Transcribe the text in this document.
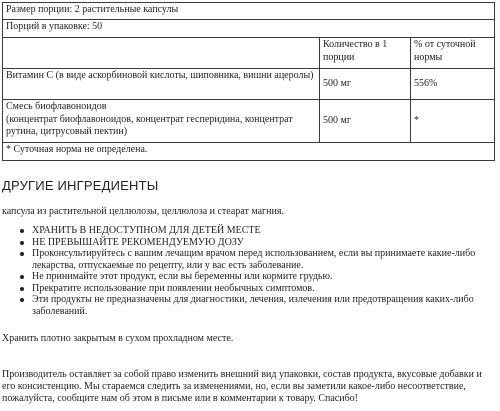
Размер порции: 2 растительные капсулы		
Порций в упаковке: 50		
	Количество в 1 порции	% от суточной нормы
Витамин С (в виде аскорбиновой кислоты, шиповника, вишни ацеролы)	500 мг	556%

Смесь биофлавоноидов
(концентрат биофлавоноидов, концентрат гесперидина, концентрат рутина, цитрусовый пектин)	500 мг	*
* Суточная норма не определена.		
ДРУГИЕ ИНГРЕДИЕНТЫ

капсула из растительной целлюлозы, целлюлоза и стеарат магния.

ХРАНИТЬ В НЕДОСТУПНОМ ДЛЯ ДЕТЕЙ МЕСТЕ
НЕ ПРЕВЫШАЙТЕ РЕКОМЕНДУЕМУЮ ДОЗУ
Проконсультируйтесь с вашим лечащим врачом перед использованием, если вы принимаете какие-либо лекарства, отпускаемые по рецепту, или у вас есть заболевание.
Не принимайте этот продукт, если вы беременны или кормите грудью.
Прекратите использование при появлении необычных симптомов.
Эти продукты не предназначены для диагностики, лечения, излечения или предотвращения каких-либо заболеваний.

Хранить плотно закрытым в сухом прохладном месте.

Производитель оставляет за собой право изменить внешний вид упаковки, состав продукта, вкусовые добавки и его консистенцию. Мы стараемся следить за изменениями, но, если вы заметили какое-либо несоответствие, пожалуйста, сообщите нам об этом в письме или в комментарии к товару. Спасибо!
